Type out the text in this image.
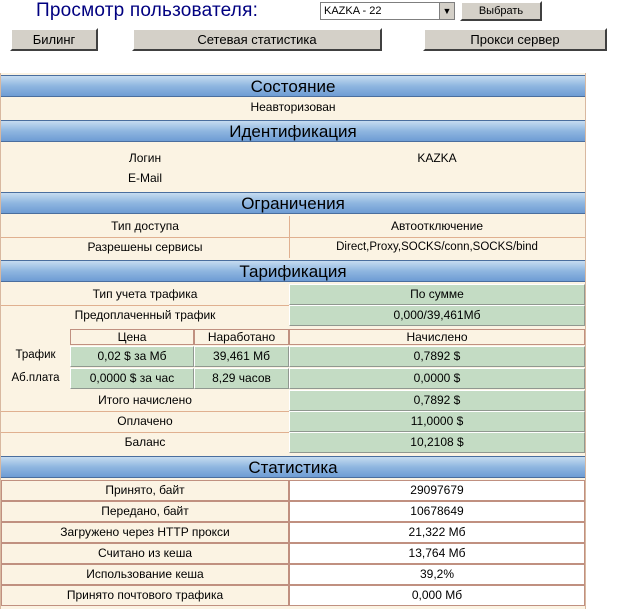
Просмотр пользователя:	KAZKA - 22	▼	Выбрать
Билинг	Сетевая статистика	Прокси сервер
Состояние
Неавторизован
Идентификация
Логин	KAZKA
E-Mail
Ограничения
Тип доступа	Автоотключение
Разрешены сервисы	Direct,Proxy,SOCKS/conn,SOCKS/bind
Тарификация
Тип учета трафика	По сумме
Предоплаченный трафик	0,000/39,461Мб
Цена	Наработано	Начислено
Трафик	0,02 $ за Мб	39,461 Мб	0,7892 $
Аб.плата	0,0000 $ за час	8,29 часов	0,0000 $
Итого начислено	0,7892 $
Оплачено	11,0000 $
Баланс	10,2108 $
Статистика
Принято, байт	29097679
Передано, байт	10678649
Загружено через HTTP прокси	21,322 Мб
Считано из кеша	13,764 Мб
Использование кеша	39,2%
Принято почтового трафика	0,000 Мб
